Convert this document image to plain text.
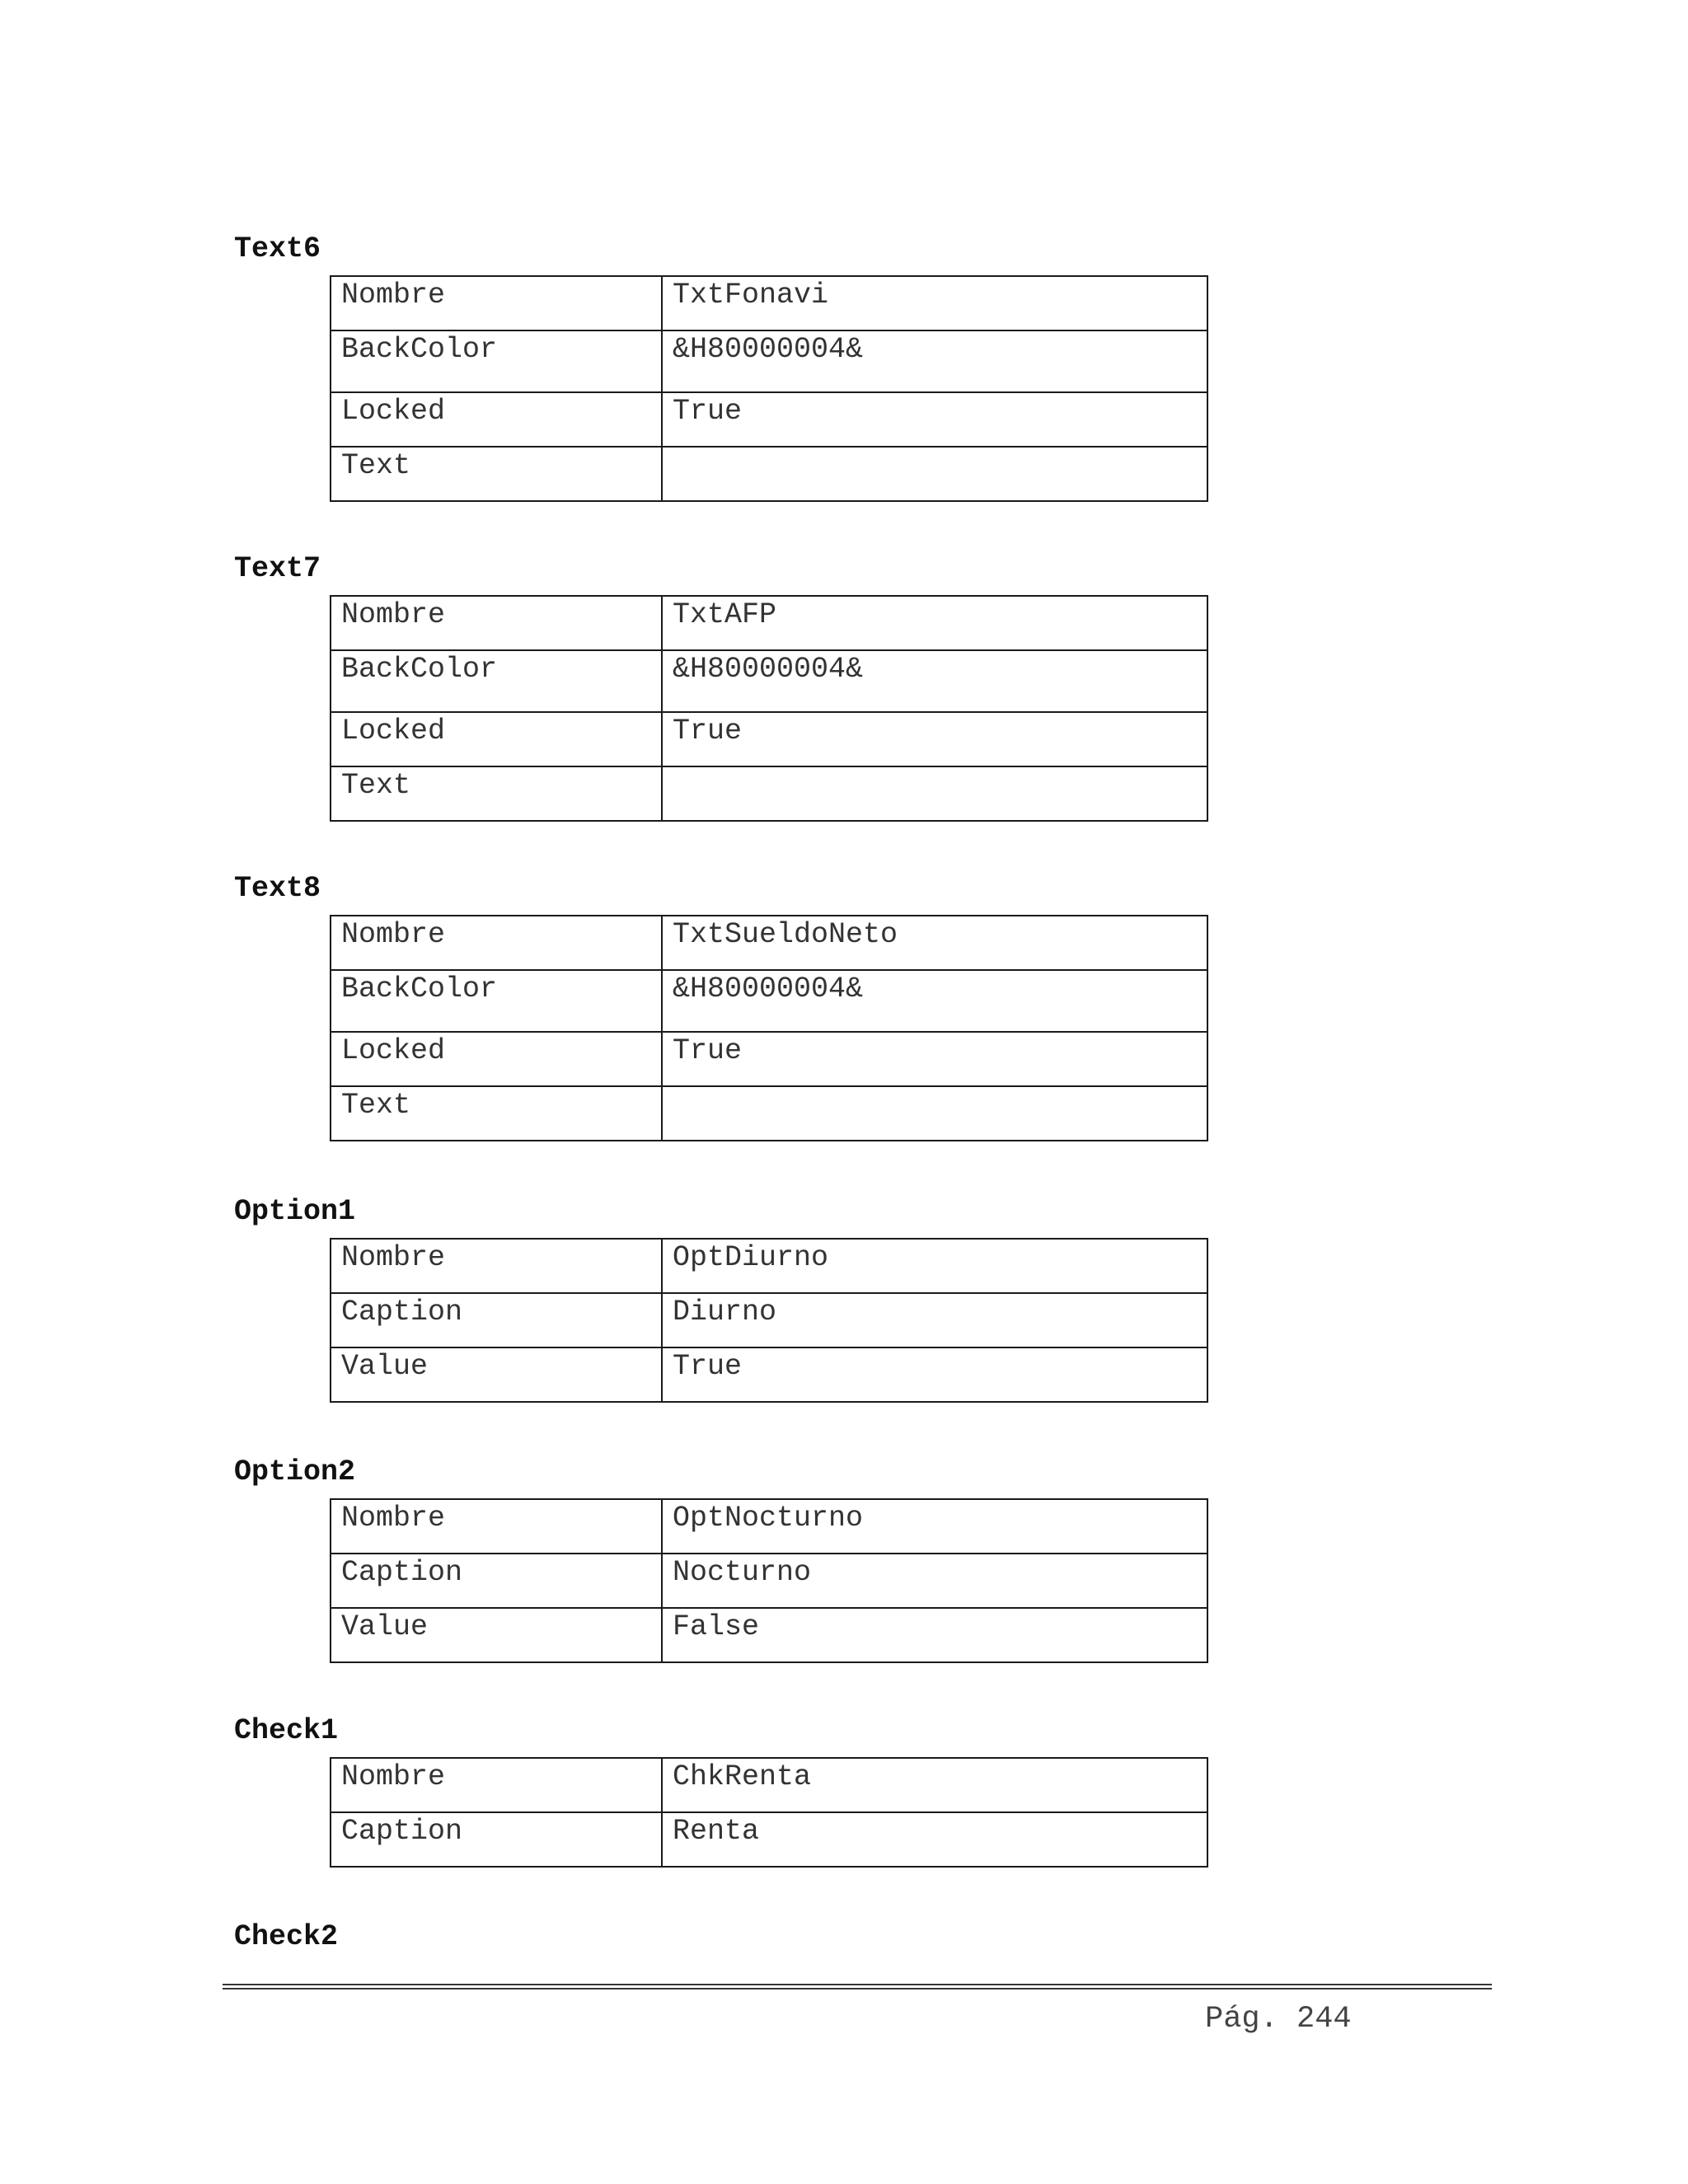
Text6
Nombre	TxtFonavi
BackColor	&H80000004&
Locked	True
Text	
Text7
Nombre	TxtAFP
BackColor	&H80000004&
Locked	True
Text	
Text8
Nombre	TxtSueldoNeto
BackColor	&H80000004&
Locked	True
Text	
Option1
Nombre	OptDiurno
Caption	Diurno
Value	True
Option2
Nombre	OptNocturno
Caption	Nocturno
Value	False
Check1
Nombre	ChkRenta
Caption	Renta
Check2
Pág. 244
